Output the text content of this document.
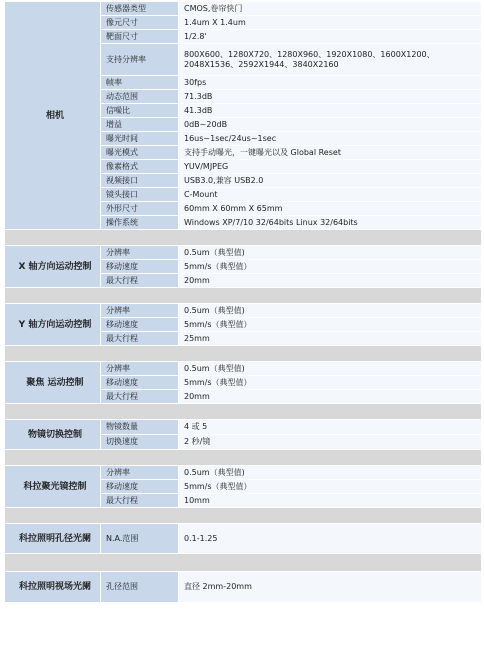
相机	传感器类型	CMOS,卷帘快门
	像元尺寸	1.4um X 1.4um
	靶面尺寸	1/2.8'
	支持分辨率	800X600、1280X720、1280X960、1920X1080、1600X1200、2048X1536、2592X1944、3840X2160
	帧率	30fps
	动态范围	71.3dB
	信噪比	41.3dB
	增益	0dB~20dB
	曝光时间	16us~1sec/24us~1sec
	曝光模式	支持手动曝光，一键曝光以及 Global Reset
	像素格式	YUV/MJPEG
	视频接口	USB3.0,兼容 USB2.0
	镜头接口	C-Mount
	外形尺寸	60mm X 60mm X 65mm
	操作系统	Windows XP/7/10 32/64bits Linux 32/64bits

X 轴方向运动控制	分辨率	0.5um（典型值)
	移动速度	5mm/s（典型值）
	最大行程	20mm

Y 轴方向运动控制	分辨率	0.5um（典型值)
	移动速度	5mm/s（典型值）
	最大行程	25mm

聚焦 运动控制	分辨率	0.5um（典型值)
	移动速度	5mm/s（典型值）
	最大行程	20mm

物镜切换控制	物镜数量	4 或 5
	切换速度	2 秒/镜

科拉聚光镜控制	分辨率	0.5um（典型值)
	移动速度	5mm/s（典型值）
	最大行程	10mm

科拉照明孔径光阑	N.A.范围	0.1-1.25

科拉照明视场光阑	孔径范围	直径 2mm-20mm
